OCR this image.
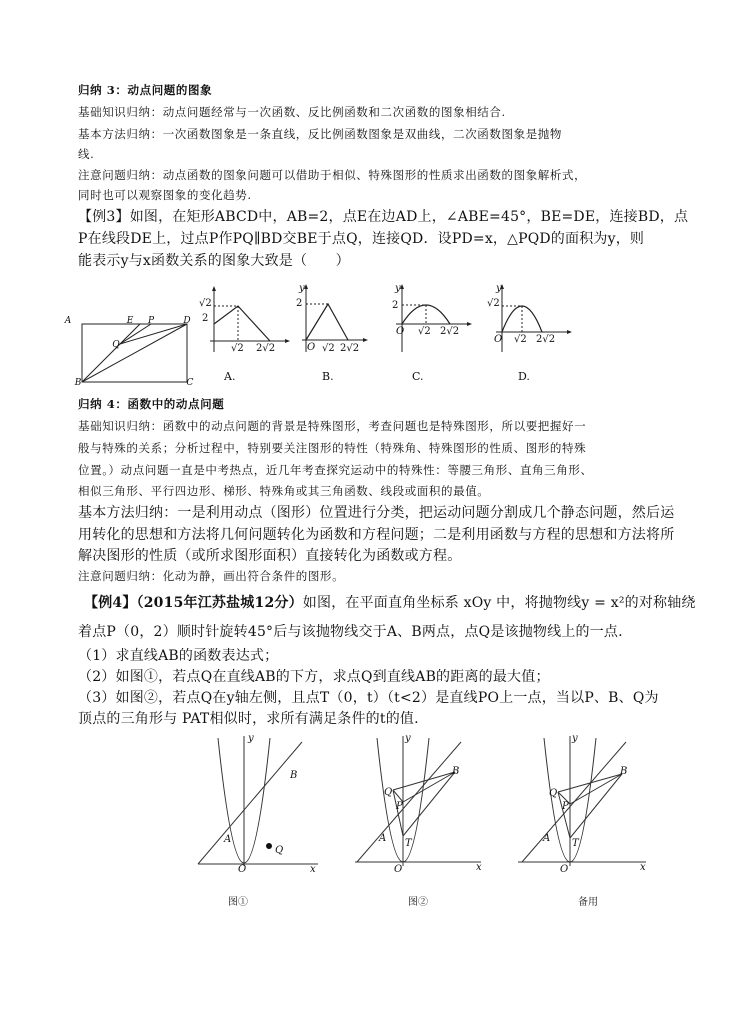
归纳 3：动点问题的图象
基础知识归纳：动点问题经常与一次函数、反比例函数和二次函数的图象相结合.
基本方法归纳：一次函数图象是一条直线，反比例函数图象是双曲线，二次函数图象是抛物
线.
注意问题归纳：动点函数的图象问题可以借助于相似、特殊图形的性质求出函数的图象解析式，
同时也可以观察图象的变化趋势.
【例3】如图，在矩形ABCD中，AB=2，点E在边AD上，∠ABE=45°，BE=DE，连接BD，点
P在线段DE上，过点P作PQ∥BD交BE于点Q，连接QD．设PD=x，△PQD的面积为y，则
能表示y与x函数关系的图象大致是（　　）
A	E	P	D
Q
B	C
√2
2
√2 2√2
A.
y
2
O √2 2√2
B.
y
2
O √2 2√2
C.
y
√2
O √2 2√2
D.
归纳 4：函数中的动点问题
基础知识归纳：函数中的动点问题的背景是特殊图形，考查问题也是特殊图形，所以要把握好一
般与特殊的关系；分析过程中，特别要关注图形的特性（特殊角、特殊图形的性质、图形的特殊
位置。）动点问题一直是中考热点，近几年考查探究运动中的特殊性：等腰三角形、直角三角形、
相似三角形、平行四边形、梯形、特殊角或其三角函数、线段或面积的最值。
基本方法归纳：一是利用动点（图形）位置进行分类，把运动问题分割成几个静态问题，然后运
用转化的思想和方法将几何问题转化为函数和方程问题；二是利用函数与方程的思想和方法将所
解决图形的性质（或所求图形面积）直接转化为函数或方程。
注意问题归纳：化动为静，画出符合条件的图形。
【例4】（2015年江苏盐城12分）如图，在平面直角坐标系 xOy 中，将抛物线y = x²的对称轴绕
着点P（0，2）顺时针旋转45°后与该抛物线交于A、B两点，点Q是该抛物线上的一点.
（1）求直线AB的函数表达式；
（2）如图①，若点Q在直线AB的下方，求点Q到直线AB的距离的最大值；
（3）如图②，若点Q在y轴左侧，且点T（0，t）（t<2）是直线PO上一点，当以P、B、Q为
顶点的三角形与 PAT相似时，求所有满足条件的t的值.
y
B
A
Q
O	x
图①
y
B
Q
P
A T
O	x
图②
y
B
Q
P
A T
O	x
备用
